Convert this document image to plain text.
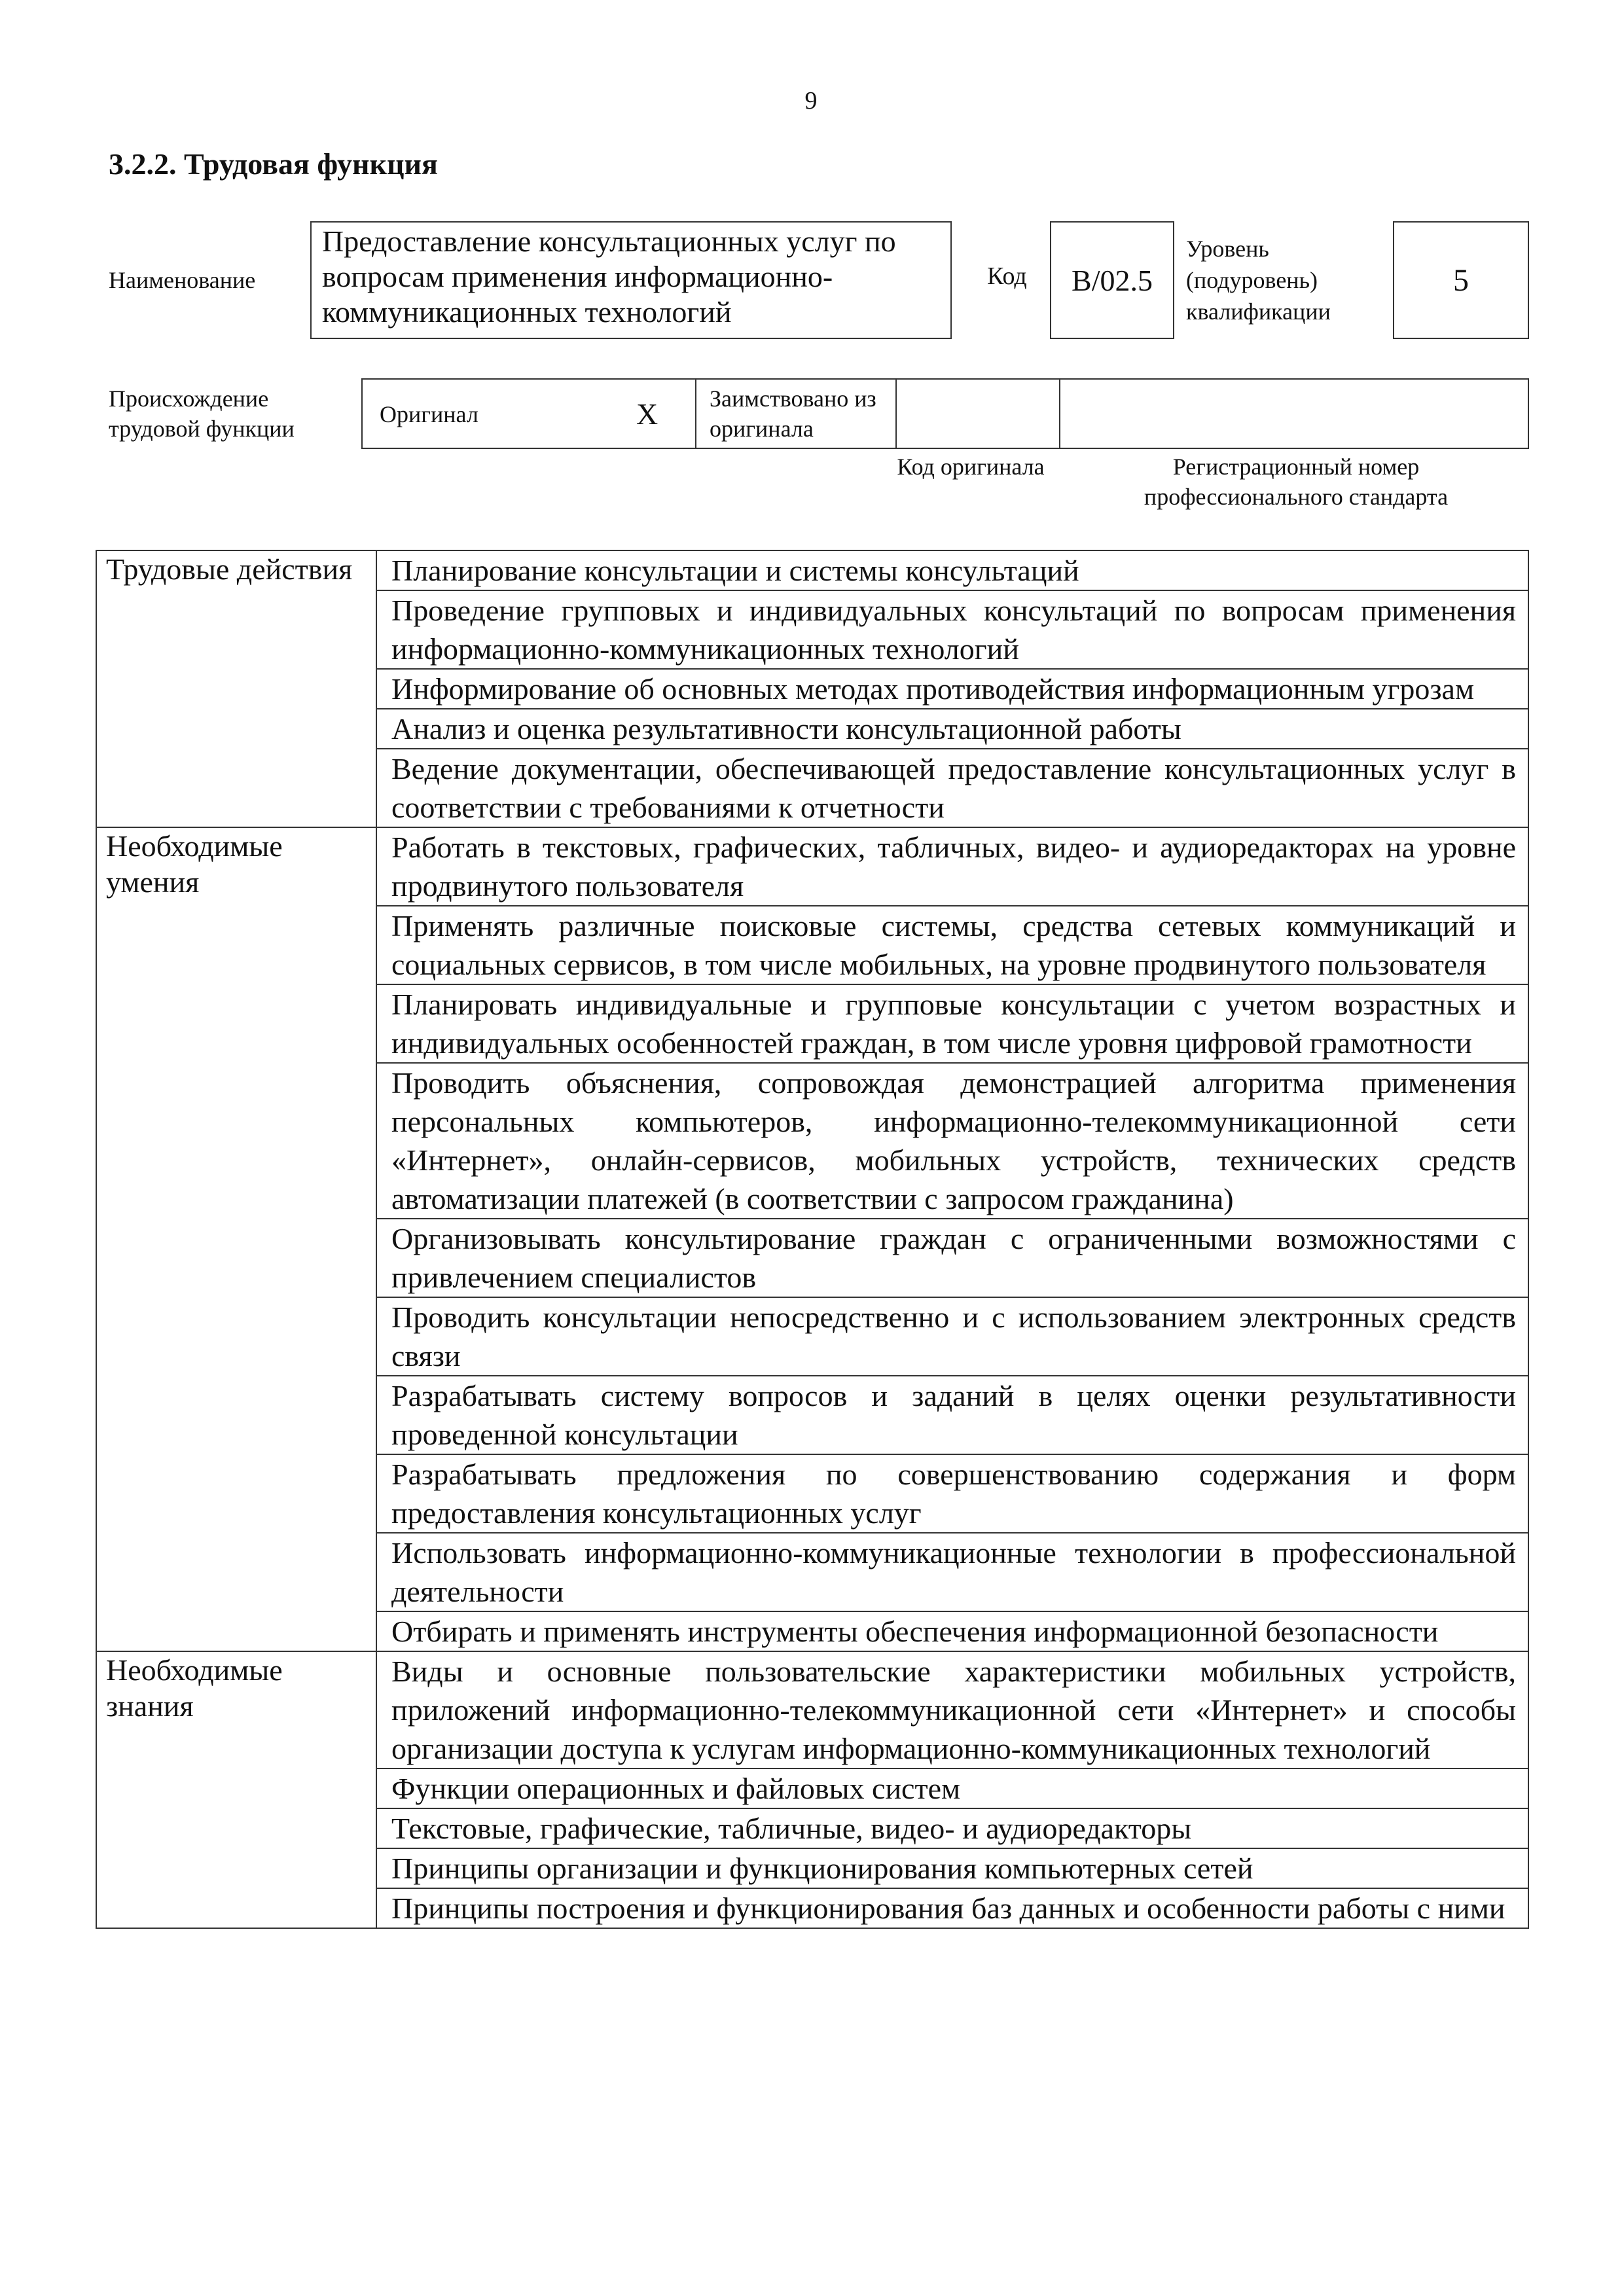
9
3.2.2. Трудовая функция
Наименование
Предоставление консультационных услуг по вопросам применения информационно-коммуникационных технологий
Код	B/02.5
Уровень (подуровень) квалификации
5
Происхождение трудовой функции
Оригинал	X Заимствовано из оригинала
Код оригинала	Регистрационный номер профессионального стандарта
Трудовые действия	Планирование консультации и системы консультаций
	Проведение групповых и индивидуальных консультаций по вопросам применения информационно-коммуникационных технологий
	Информирование об основных методах противодействия информационным угрозам
	Анализ и оценка результативности консультационной работы
	Ведение документации, обеспечивающей предоставление консультационных услуг в соответствии с требованиями к отчетности
Необходимые умения	Работать в текстовых, графических, табличных, видео- и аудиоредакторах на уровне продвинутого пользователя
	Применять различные поисковые системы, средства сетевых коммуникаций и социальных сервисов, в том числе мобильных, на уровне продвинутого пользователя
	Планировать индивидуальные и групповые консультации с учетом возрастных и индивидуальных особенностей граждан, в том числе уровня цифровой грамотности
	Проводить объяснения, сопровождая демонстрацией алгоритма применения персональных компьютеров, информационно-телекоммуникационной сети «Интернет», онлайн-сервисов, мобильных устройств, технических средств автоматизации платежей (в соответствии с запросом гражданина)
	Организовывать консультирование граждан с ограниченными возможностями с привлечением специалистов
	Проводить консультации непосредственно и с использованием электронных средств связи
	Разрабатывать систему вопросов и заданий в целях оценки результативности проведенной консультации
	Разрабатывать предложения по совершенствованию содержания и форм предоставления консультационных услуг
	Использовать информационно-коммуникационные технологии в профессиональной деятельности
	Отбирать и применять инструменты обеспечения информационной безопасности
Необходимые знания	Виды и основные пользовательские характеристики мобильных устройств, приложений информационно-телекоммуникационной сети «Интернет» и способы организации доступа к услугам информационно-коммуникационных технологий
	Функции операционных и файловых систем
	Текстовые, графические, табличные, видео- и аудиоредакторы
	Принципы организации и функционирования компьютерных сетей
	Принципы построения и функционирования баз данных и особенности работы с ними
